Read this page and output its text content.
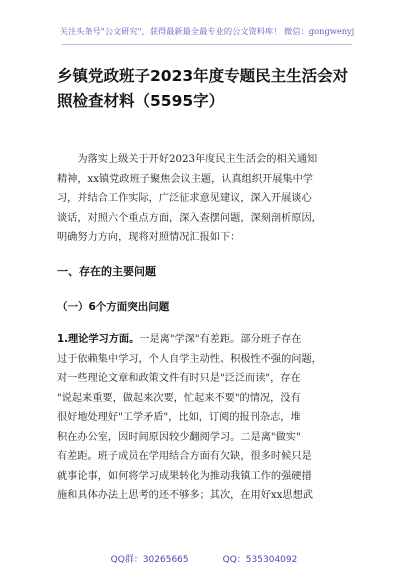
关注头条号"公文研究"，获得最新最全最专业的公文资料库！ 微信：gongwenyj
乡镇党政班子2023年度专题民主生活会对
照检查材料（5595字）
　　为落实上级关于开好2023年度民主生活会的相关通知
精神，xx镇党政班子聚焦会议主题，认真组织开展集中学
习，并结合工作实际，广泛征求意见建议，深入开展谈心
谈话，对照六个重点方面，深入查摆问题，深刻剖析原因，
明确努力方向，现将对照情况汇报如下：
一、存在的主要问题
（一）6个方面突出问题
1.理论学习方面。一是离"学深"有差距。部分班子存在
过于依赖集中学习，个人自学主动性、积极性不强的问题，
对一些理论文章和政策文件有时只是"泛泛而读"，存在
"说起来重要，做起来次要，忙起来不要"的情况，没有
很好地处理好"工学矛盾"，比如，订阅的报刊杂志，堆
积在办公室，因时间原因较少翻阅学习。二是离"做实"
有差距。班子成员在学用结合方面有欠缺，很多时候只是
就事论事，如何将学习成果转化为推动我镇工作的强硬措
施和具体办法上思考的还不够多；其次，在用好xx思想武
QQ群：30265665	QQ：535304092
